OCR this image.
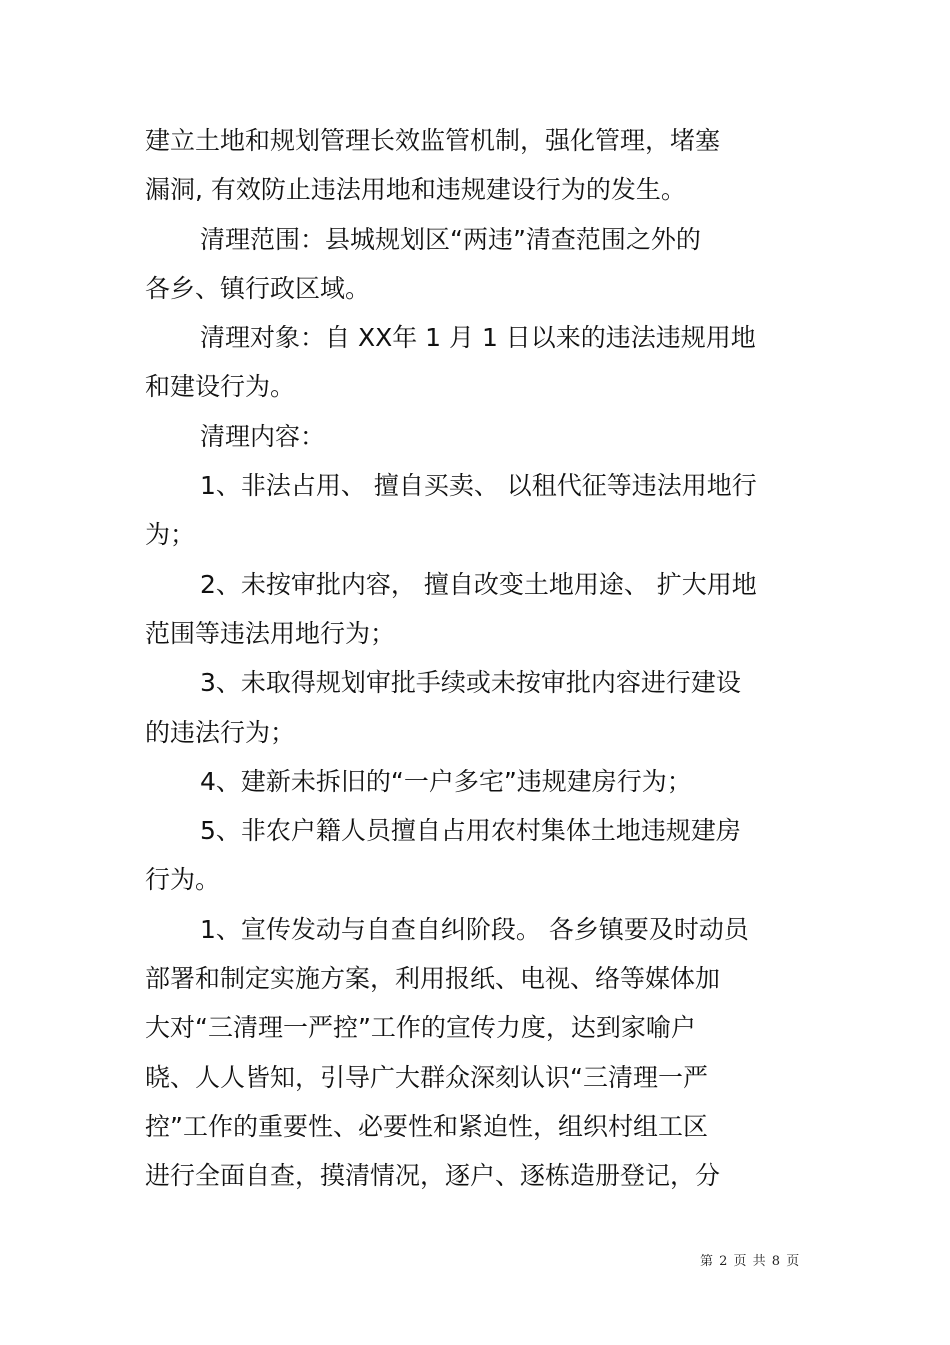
建立土地和规划管理长效监管机制，强化管理，堵塞
漏洞, 有效防止违法用地和违规建设行为的发生。
清理范围：县城规划区“两违”清查范围之外的
各乡、镇行政区域。
清理对象：自 XX年 1 月 1 日以来的违法违规用地
和建设行为。
清理内容：
1、非法占用、 擅自买卖、 以租代征等违法用地行
为；
2、未按审批内容， 擅自改变土地用途、 扩大用地
范围等违法用地行为；
3、未取得规划审批手续或未按审批内容进行建设
的违法行为；
4、建新未拆旧的“一户多宅”违规建房行为；
5、非农户籍人员擅自占用农村集体土地违规建房
行为。
1、宣传发动与自查自纠阶段。 各乡镇要及时动员
部署和制定实施方案，利用报纸、电视、络等媒体加
大对“三清理一严控”工作的宣传力度，达到家喻户
晓、人人皆知，引导广大群众深刻认识“三清理一严
控”工作的重要性、必要性和紧迫性，组织村组工区
进行全面自查，摸清情况，逐户、逐栋造册登记，分
第 2 页 共 8 页
